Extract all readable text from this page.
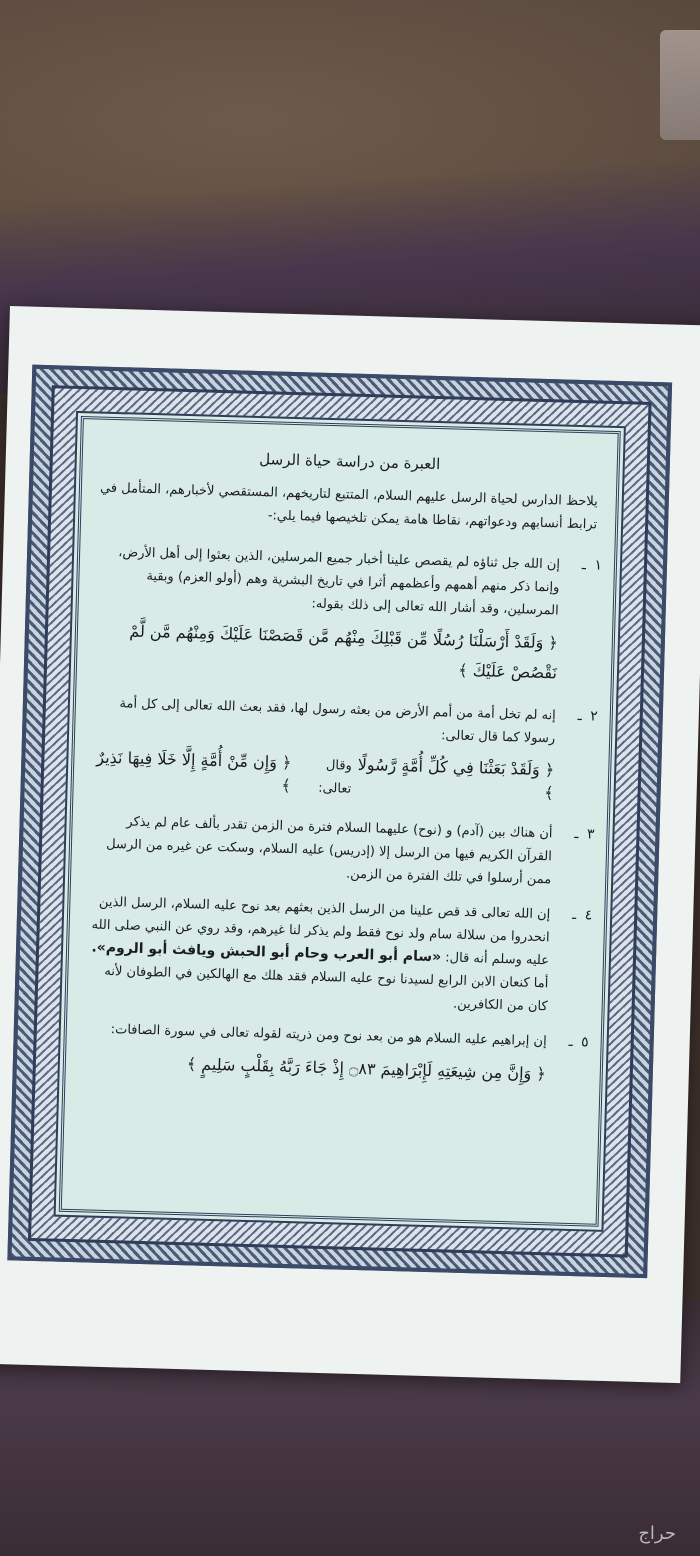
العبرة من دراسة حياة الرسل
يلاحظ الدارس لحياة الرسل عليهم السلام، المتتبع لتاريخهم، المستقصي لأخبارهم، المتأمل في ترابط أنسابهم ودعواتهم، نقاطا هامة يمكن تلخيصها فيما يلي:-
١ ـ
إن الله جل ثناؤه لم يقصص علينا أخبار جميع المرسلين، الذين بعثوا إلى أهل الأرض، وإنما ذكر منهم أهمهم وأعظمهم أثرا في تاريخ البشرية وهم (أولو العزم) وبقية المرسلين، وقد أشار الله تعالى إلى ذلك بقوله:
﴿ وَلَقَدْ أَرْسَلْنَا رُسُلًا مِّن قَبْلِكَ مِنْهُم مَّن قَصَصْنَا عَلَيْكَ وَمِنْهُم مَّن لَّمْ نَقْصُصْ عَلَيْكَ ﴾
٢ ـ
إنه لم تخل أمة من أمم الأرض من بعثه رسول لها، فقد بعث الله تعالى إلى كل أمة رسولا كما قال تعالى:
﴿ وَلَقَدْ بَعَثْنَا فِي كُلِّ أُمَّةٍ رَّسُولًا ﴾
وقال تعالى:
﴿ وَإِن مِّنْ أُمَّةٍ إِلَّا خَلَا فِيهَا نَذِيرٌ ﴾
٣ ـ
أن هناك بين (آدم) و (نوح) عليهما السلام فترة من الزمن تقدر بألف عام لم يذكر القرآن الكريم فيها من الرسل إلا (إدريس) عليه السلام، وسكت عن غيره من الرسل ممن أرسلوا في تلك الفترة من الزمن.
٤ ـ
إن الله تعالى قد قص علينا من الرسل الذين بعثهم بعد نوح عليه السلام، الرسل الذين انحدروا من سلالة سام ولد نوح فقط ولم يذكر لنا غيرهم، وقد روي عن النبي صلى الله عليه وسلم أنه قال: «سام أبو العرب وحام أبو الحبش ويافث أبو الروم». أما كنعان الابن الرابع لسيدنا نوح عليه السلام فقد هلك مع الهالكين في الطوفان لأنه كان من الكافرين.
٥ ـ
إن إبراهيم عليه السلام هو من بعد نوح ومن ذريته لقوله تعالى في سورة الصافات:
﴿ وَإِنَّ مِن شِيعَتِهِ لَإِبْرَاهِيمَ ۝٨٣ إِذْ جَاءَ رَبَّهُ بِقَلْبٍ سَلِيمٍ ﴾
حراج
